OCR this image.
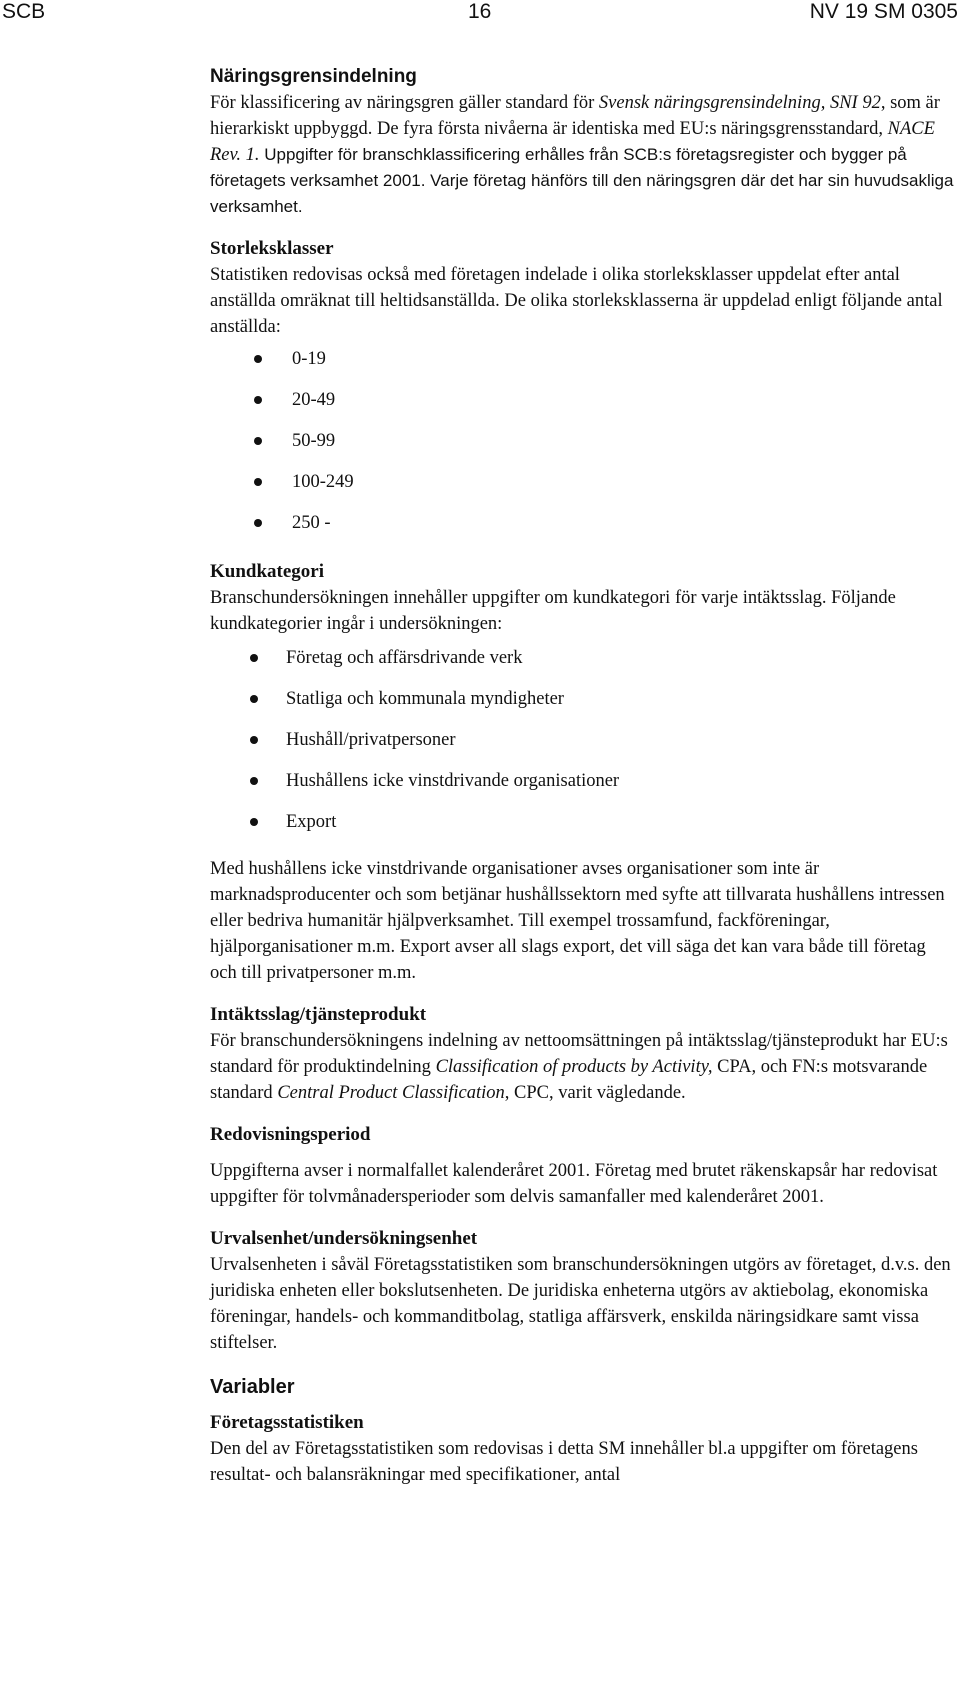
SCB	16	NV 19 SM 0305
Näringsgrensindelning

För klassificering av näringsgren gäller standard för Svensk näringsgrensindelning, SNI 92, som är hierarkiskt uppbyggd. De fyra första nivåerna är identiska med EU:s näringsgrensstandard, NACE Rev. 1. Uppgifter för branschklassificering erhålles från SCB:s företagsregister och bygger på företagets verksamhet 2001. Varje företag hänförs till den näringsgren där det har sin huvudsakliga verksamhet.

Storleksklasser

Statistiken redovisas också med företagen indelade i olika storleksklasser uppdelat efter antal anställda omräknat till heltidsanställda. De olika storleksklasserna är uppdelad enligt följande antal anställda:

0-19
20-49
50-99
100-249
250 -
Kundkategori

Branschundersökningen innehåller uppgifter om kundkategori för varje intäktsslag. Följande kundkategorier ingår i undersökningen:

Företag och affärsdrivande verk
Statliga och kommunala myndigheter
Hushåll/privatpersoner
Hushållens icke vinstdrivande organisationer
Export

Med hushållens icke vinstdrivande organisationer avses organisationer som inte är marknadsproducenter och som betjänar hushållssektorn med syfte att tillvarata hushållens intressen eller bedriva humanitär hjälpverksamhet. Till exempel trossamfund, fackföreningar, hjälporganisationer m.m. Export avser all slags export, det vill säga det kan vara både till företag och till privatpersoner m.m.

Intäktsslag/tjänsteprodukt

För branschundersökningens indelning av nettoomsättningen på intäktsslag/tjänsteprodukt har EU:s standard för produktindelning Classification of products by Activity, CPA, och FN:s motsvarande standard Central Product Classification, CPC, varit vägledande.

Redovisningsperiod

Uppgifterna avser i normalfallet kalenderåret 2001. Företag med brutet räkenskapsår har redovisat uppgifter för tolvmånadersperioder som delvis samanfaller med kalenderåret 2001.

Urvalsenhet/undersökningsenhet

Urvalsenheten i såväl Företagsstatistiken som branschundersökningen utgörs av företaget, d.v.s. den juridiska enheten eller bokslutsenheten. De juridiska enheterna utgörs av aktiebolag, ekonomiska föreningar, handels- och kommanditbolag, statliga affärsverk, enskilda näringsidkare samt vissa stiftelser.

Variabler
Företagsstatistiken

Den del av Företagsstatistiken som redovisas i detta SM innehåller bl.a uppgifter om företagens resultat- och balansräkningar med specifikationer, antal
